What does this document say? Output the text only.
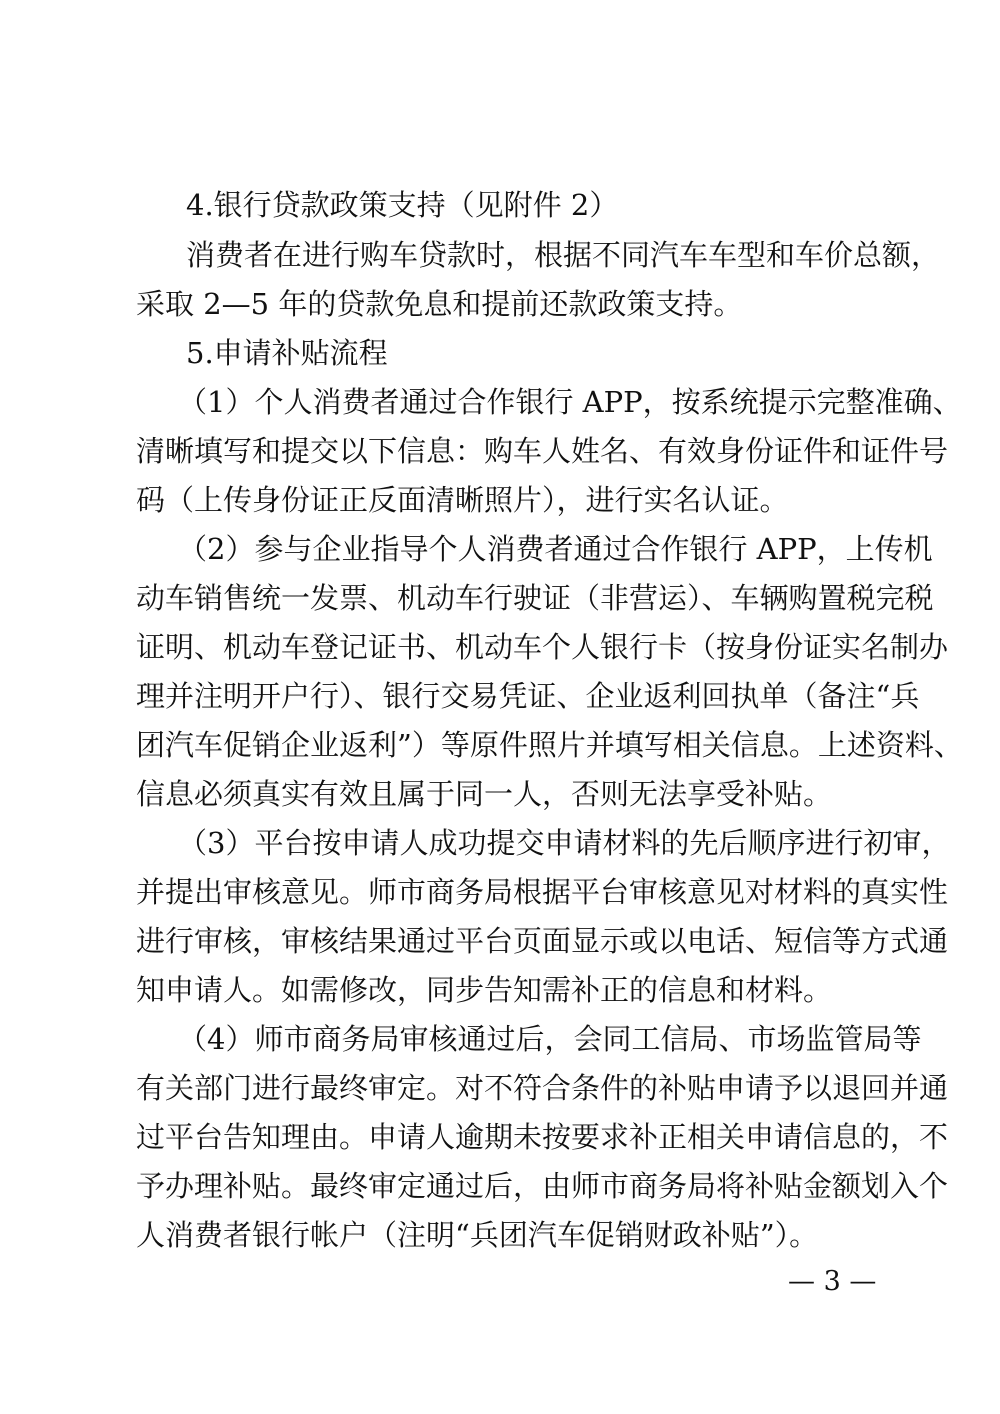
4.银行贷款政策支持（见附件 2）
消费者在进行购车贷款时，根据不同汽车车型和车价总额，
采取 2—5 年的贷款免息和提前还款政策支持。
5.申请补贴流程
（1）个人消费者通过合作银行 APP，按系统提示完整准确、
清晰填写和提交以下信息：购车人姓名、有效身份证件和证件号
码（上传身份证正反面清晰照片），进行实名认证。
（2）参与企业指导个人消费者通过合作银行 APP，上传机
动车销售统一发票、机动车行驶证（非营运）、车辆购置税完税
证明、机动车登记证书、机动车个人银行卡（按身份证实名制办
理并注明开户行）、银行交易凭证、企业返利回执单（备注“兵
团汽车促销企业返利”）等原件照片并填写相关信息。上述资料、
信息必须真实有效且属于同一人，否则无法享受补贴。
（3）平台按申请人成功提交申请材料的先后顺序进行初审，
并提出审核意见。师市商务局根据平台审核意见对材料的真实性
进行审核，审核结果通过平台页面显示或以电话、短信等方式通
知申请人。如需修改，同步告知需补正的信息和材料。
（4）师市商务局审核通过后，会同工信局、市场监管局等
有关部门进行最终审定。对不符合条件的补贴申请予以退回并通
过平台告知理由。申请人逾期未按要求补正相关申请信息的，不
予办理补贴。最终审定通过后，由师市商务局将补贴金额划入个
人消费者银行帐户（注明“兵团汽车促销财政补贴”）。
— 3 —
